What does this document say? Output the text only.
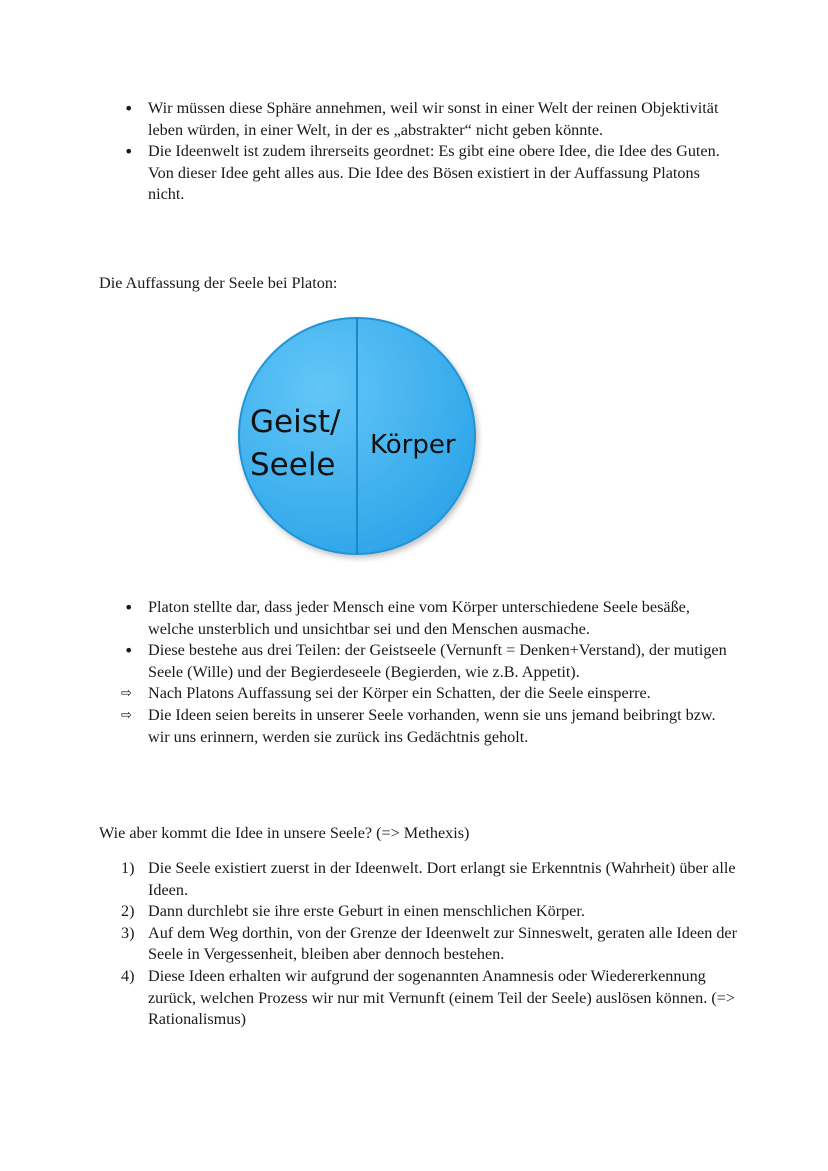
• Wir müssen diese Sphäre annehmen, weil wir sonst in einer Welt der reinen Objektivität leben würden, in einer Welt, in der es „abstrakter“ nicht geben könnte.
• Die Ideenwelt ist zudem ihrerseits geordnet: Es gibt eine obere Idee, die Idee des Guten. Von dieser Idee geht alles aus. Die Idee des Bösen existiert in der Auffassung Platons nicht.

Die Auffassung der Seele bei Platon:

Geist/
Seele
Körper
• Platon stellte dar, dass jeder Mensch eine vom Körper unterschiedene Seele besäße, welche unsterblich und unsichtbar sei und den Menschen ausmache.
• Diese bestehe aus drei Teilen: der Geistseele (Vernunft = Denken+Verstand), der mutigen Seele (Wille) und der Begierdeseele (Begierden, wie z.B. Appetit).
⇨ Nach Platons Auffassung sei der Körper ein Schatten, der die Seele einsperre.
⇨ Die Ideen seien bereits in unserer Seele vorhanden, wenn sie uns jemand beibringt bzw. wir uns erinnern, werden sie zurück ins Gedächtnis geholt.

Wie aber kommt die Idee in unsere Seele? (=> Methexis)

1) Die Seele existiert zuerst in der Ideenwelt. Dort erlangt sie Erkenntnis (Wahrheit) über alle Ideen.
2) Dann durchlebt sie ihre erste Geburt in einen menschlichen Körper.
3) Auf dem Weg dorthin, von der Grenze der Ideenwelt zur Sinneswelt, geraten alle Ideen der Seele in Vergessenheit, bleiben aber dennoch bestehen.
4) Diese Ideen erhalten wir aufgrund der sogenannten Anamnesis oder Wiedererkennung zurück, welchen Prozess wir nur mit Vernunft (einem Teil der Seele) auslösen können. (=> Rationalismus)
